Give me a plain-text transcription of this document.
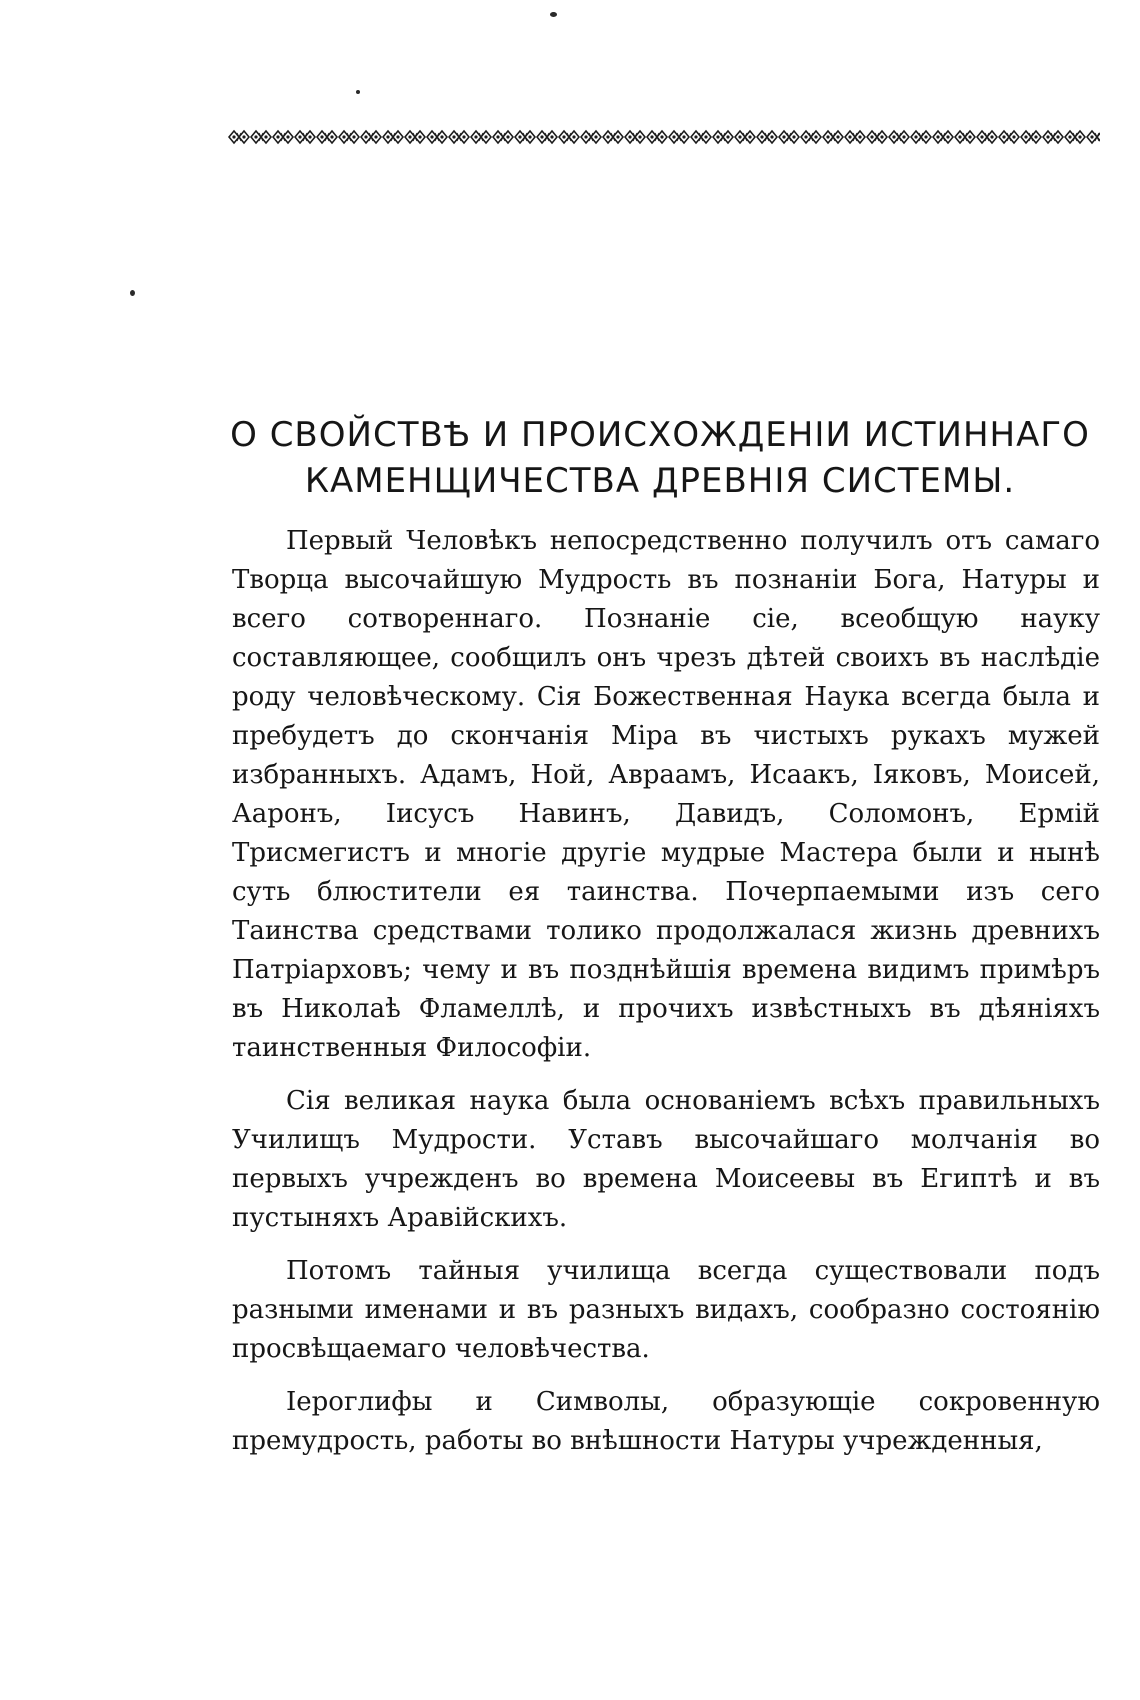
О СВОЙСТВѢ И ПРОИСХОЖДЕНІИ ИСТИННАГО
КАМЕНЩИЧЕСТВА ДРЕВНІЯ СИСТЕМЫ.

Первый Человѣкъ непосредственно получилъ отъ самаго Творца высочайшую Мудрость въ познаніи Бога, Натуры и всего сотвореннаго. Познаніе сіе, всеобщую науку составляющее, сообщилъ онъ чрезъ дѣтей своихъ въ наслѣдіе роду человѣческому. Сія Божественная Наука всегда была и пребудетъ до скончанія Міра въ чистыхъ рукахъ мужей избранныхъ. Адамъ, Ной, Авраамъ, Исаакъ, Іяковъ, Моисей, Ааронъ, Іисусъ Навинъ, Давидъ, Соломонъ, Ермій Трисмегистъ и многіе другіе мудрые Мастера были и нынѣ суть блюстители ея таинства. Почерпаемыми изъ сего Таинства средствами толико продолжалася жизнь древнихъ Патріарховъ; чему и въ позднѣйшія времена видимъ примѣръ въ Николаѣ Фламеллѣ, и прочихъ извѣстныхъ въ дѣяніяхъ таинственныя Философіи.

Сія великая наука была основаніемъ всѣхъ правильныхъ Училищъ Мудрости. Уставъ высочайшаго молчанія во первыхъ учрежденъ во времена Моисеевы въ Египтѣ и въ пустыняхъ Аравійскихъ.

Потомъ тайныя училища всегда существовали подъ разными именами и въ разныхъ видахъ, сообразно состоянію просвѣщаемаго человѣчества.

Іероглифы и Символы, образующіе сокровенную премудрость, работы во внѣшности Натуры учрежденныя,
